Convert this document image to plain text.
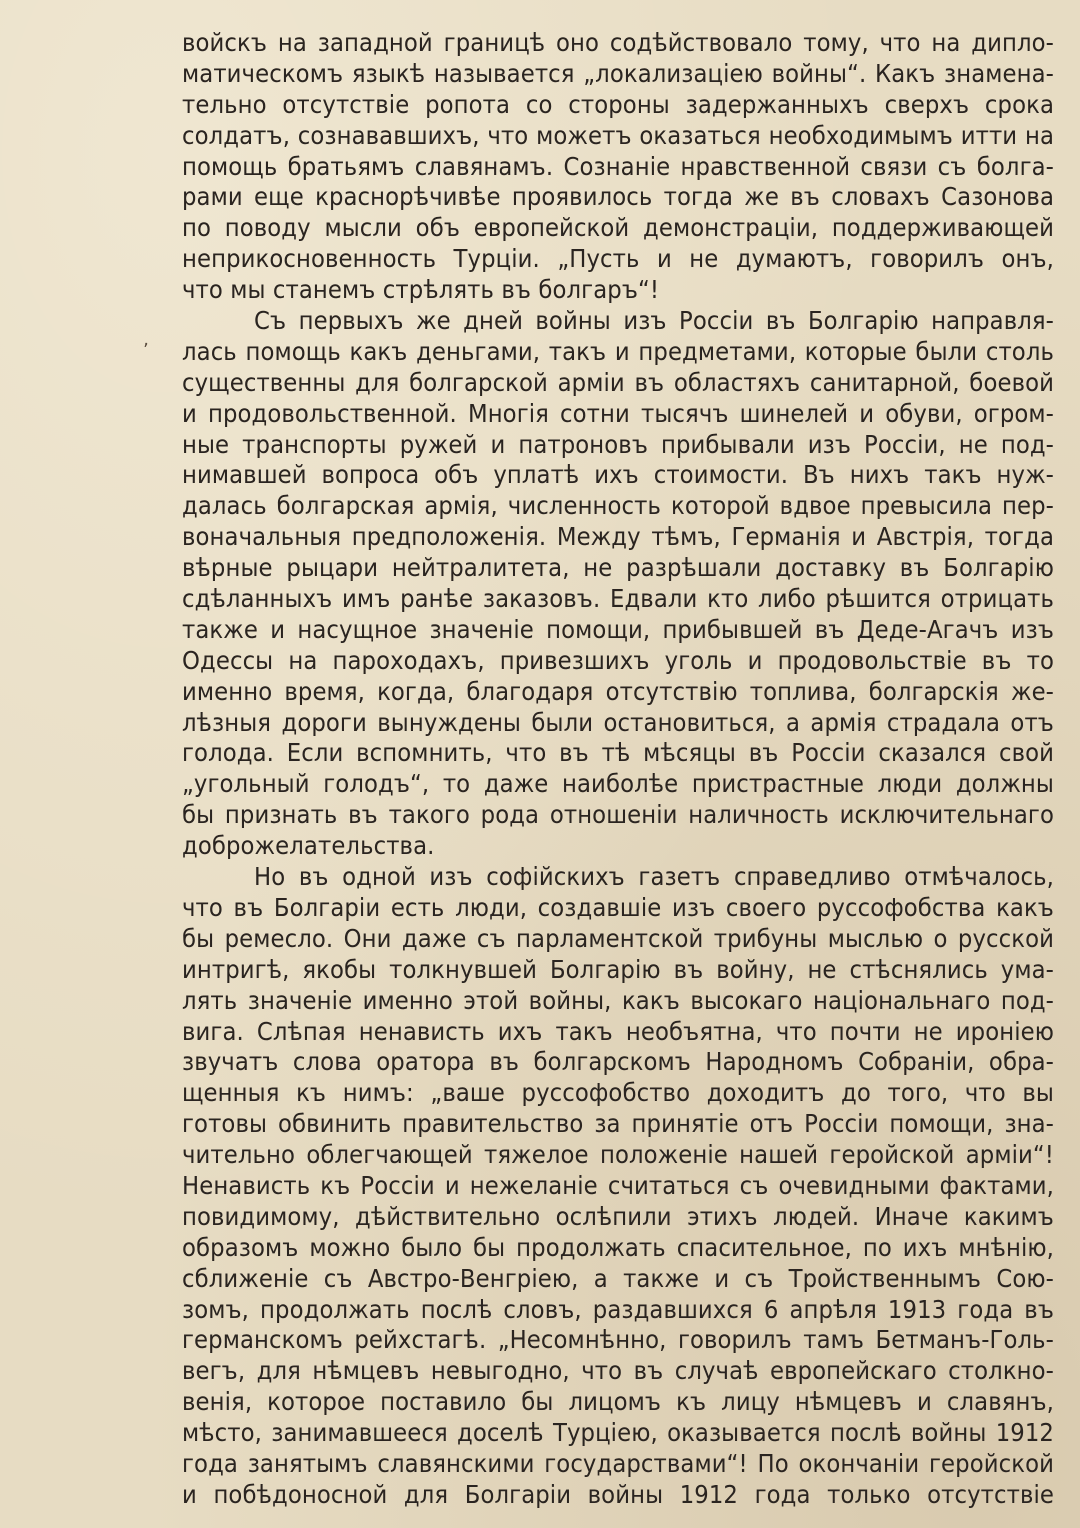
войскъ на западной границѣ оно содѣйствовало тому, что на дипло-
матическомъ языкѣ называется „локализацiею войны“. Какъ знамена-
тельно отсутствiе ропота со стороны задержанныхъ сверхъ срока
солдатъ, сознававшихъ, что можетъ оказаться необходимымъ итти на
помощь братьямъ славянамъ. Сознанiе нравственной связи съ болга-
рами еще краснорѣчивѣе проявилось тогда же въ словахъ Сазонова
по поводу мысли объ европейской демонстрацiи, поддерживающей
неприкосновенность Турцiи. „Пусть и не думаютъ, говорилъ онъ,
что мы станемъ стрѣлять въ болгаръ“!
Съ первыхъ же дней войны изъ Россiи въ Болгарiю направля-
лась помощь какъ деньгами, такъ и предметами, которые были столь
существенны для болгарской армiи въ областяхъ санитарной, боевой
и продовольственной. Многiя сотни тысячъ шинелей и обуви, огром-
ные транспорты ружей и патроновъ прибывали изъ Россiи, не под-
нимавшей вопроса объ уплатѣ ихъ стоимости. Въ нихъ такъ нуж-
далась болгарская армiя, численность которой вдвое превысила пер-
воначальныя предположенiя. Между тѣмъ, Германiя и Австрiя, тогда
вѣрные рыцари нейтралитета, не разрѣшали доставку въ Болгарiю
сдѣланныхъ имъ ранѣе заказовъ. Едвали кто либо рѣшится отрицать
также и насущное значенiе помощи, прибывшей въ Деде-Агачъ изъ
Одессы на пароходахъ, привезшихъ уголь и продовольствiе въ то
именно время, когда, благодаря отсутствiю топлива, болгарскiя же-
лѣзныя дороги вынуждены были остановиться, а армiя страдала отъ
голода. Если вспомнить, что въ тѣ мѣсяцы въ Россiи сказался свой
„угольный голодъ“, то даже наиболѣе пристрастные люди должны
бы признать въ такого рода отношенiи наличность исключительнаго
доброжелательства.
Но въ одной изъ софiйскихъ газетъ справедливо отмѣчалось,
что въ Болгарiи есть люди, создавшiе изъ своего руссофобства какъ
бы ремесло. Они даже съ парламентской трибуны мыслью о русской
интригѣ, якобы толкнувшей Болгарiю въ войну, не стѣснялись ума-
лять значенiе именно этой войны, какъ высокаго нацiональнаго под-
вига. Слѣпая ненависть ихъ такъ необъятна, что почти не иронiею
звучатъ слова оратора въ болгарскомъ Народномъ Собранiи, обра-
щенныя къ нимъ: „ваше руссофобство доходитъ до того, что вы
готовы обвинить правительство за принятiе отъ Россiи помощи, зна-
чительно облегчающей тяжелое положенiе нашей геройской армiи“!
Ненависть къ Россiи и нежеланiе считаться съ очевидными фактами,
повидимому, дѣйствительно ослѣпили этихъ людей. Иначе какимъ
образомъ можно было бы продолжать спасительное, по ихъ мнѣнiю,
сближенiе съ Австро-Венгрiею, а также и съ Тройственнымъ Сою-
зомъ, продолжать послѣ словъ, раздавшихся 6 апрѣля 1913 года въ
германскомъ рейхстагѣ. „Несомнѣнно, говорилъ тамъ Бетманъ-Голь-
вегъ, для нѣмцевъ невыгодно, что въ случаѣ европейскаго столкно-
венiя, которое поставило бы лицомъ къ лицу нѣмцевъ и славянъ,
мѣсто, занимавшееся доселѣ Турцiею, оказывается послѣ войны 1912
года занятымъ славянскими государствами“! По окончанiи геройской
и побѣдоносной для Болгарiи войны 1912 года только отсутствiе
٬
